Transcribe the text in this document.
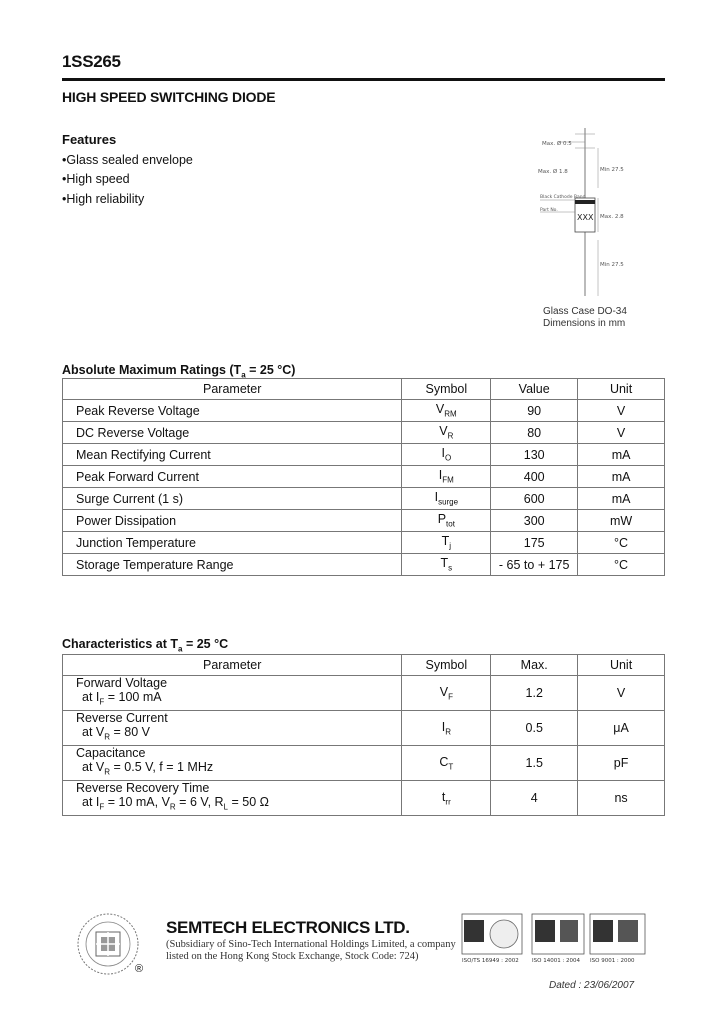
1SS265
HIGH SPEED SWITCHING DIODE
Features
• Glass sealed envelope
• High speed
• High reliability
Max. Ø 0.5
Max. Ø 1.8	Min 27.5
Black Cathode Band
Part No.
XXX Max. 2.8
Min 27.5
Glass Case DO-34
Dimensions in mm
Absolute Maximum Ratings ($T_a = 25$ °C)
Parameter	Symbol	Value	Unit
Peak Reverse Voltage	$V_{RM}$	90	V
DC Reverse Voltage	$V_R$	80	V
Mean Rectifying Current	$I_O$	130	mA
Peak Forward Current	$I_{FM}$	400	mA
Surge Current (1 s)	$I_{surge}$	600	mA
Power Dissipation	$P_{tot}$	300	mW
Junction Temperature	$T_j$	175	°C
Storage Temperature Range	$T_s$	- 65 to + 175	°C
Characteristics at $T_a = 25$ °C
Parameter	Symbol	Max.	Unit

Forward Voltage
at $I_F = 100$ mA	$V_F$	1.2	V

Reverse Current
at $V_R = 80$ V	$I_R$	0.5	μA

Capacitance
at $V_R = 0.5$ V, f = 1 MHz	$C_T$	1.5	pF

Reverse Recovery Time
at $I_F = 10$ mA, $V_R = 6$ V, $R_L = 50$ Ω	$t_{rr}$	4	ns
®
SEMTECH ELECTRONICS LTD.
(Subsidiary of Sino-Tech International Holdings Limited, a company
listed on the Hong Kong Stock Exchange, Stock Code: 724)	ISO/TS 16949 : 2002 ISO 14001 : 2004 ISO 9001 : 2000
Dated : 23/06/2007
